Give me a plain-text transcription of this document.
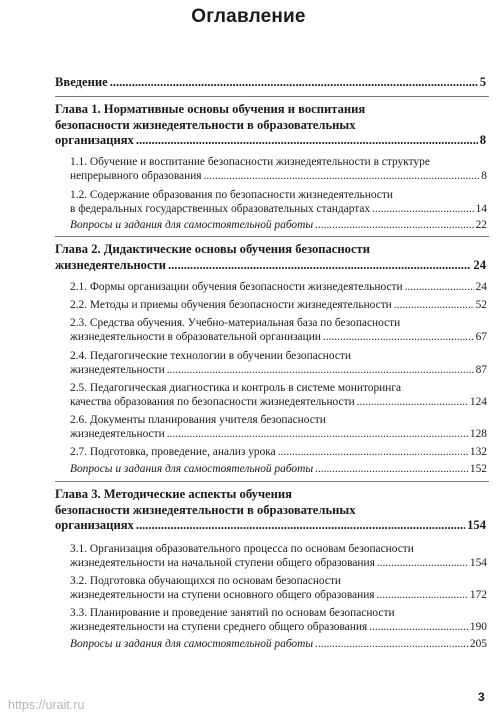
Оглавление
Введение .....	5
Глава 1. Нормативные основы обучения и воспитания
безопасности жизнедеятельности в образовательных
организациях .....	8
1.1. Обучение и воспитание безопасности жизнедеятельности в структуре
непрерывного образования .....	8
1.2. Содержание образования по безопасности жизнедеятельности
в федеральных государственных образовательных стандартах .....	14
Вопросы и задания для самостоятельной работы .....	22
Глава 2. Дидактические основы обучения безопасности
жизнедеятельности .....	24
2.1. Формы организации обучения безопасности жизнедеятельности .....	24
2.2. Методы и приемы обучения безопасности жизнедеятельности .....	52
2.3. Средства обучения. Учебно-материальная база по безопасности
жизнедеятельности в образовательной организации .....	67
2.4. Педагогические технологии в обучении безопасности
жизнедеятельности .....	87
2.5. Педагогическая диагностика и контроль в системе мониторинга
качества образования по безопасности жизнедеятельности .....	124
2.6. Документы планирования учителя безопасности
жизнедеятельности .....	128
2.7. Подготовка, проведение, анализ урока .....	132
Вопросы и задания для самостоятельной работы .....	152
Глава 3. Методические аспекты обучения
безопасности жизнедеятельности в образовательных
организациях .....	154
3.1. Организация образовательного процесса по основам безопасности
жизнедеятельности на начальной ступени общего образования .....	154
3.2. Подготовка обучающихся по основам безопасности
жизнедеятельности на ступени основного общего образования .....	172
3.3. Планирование и проведение занятий по основам безопасности
жизнедеятельности на ступени среднего общего образования .....	190
Вопросы и задания для самостоятельной работы .....	205
3
https://urait.ru
